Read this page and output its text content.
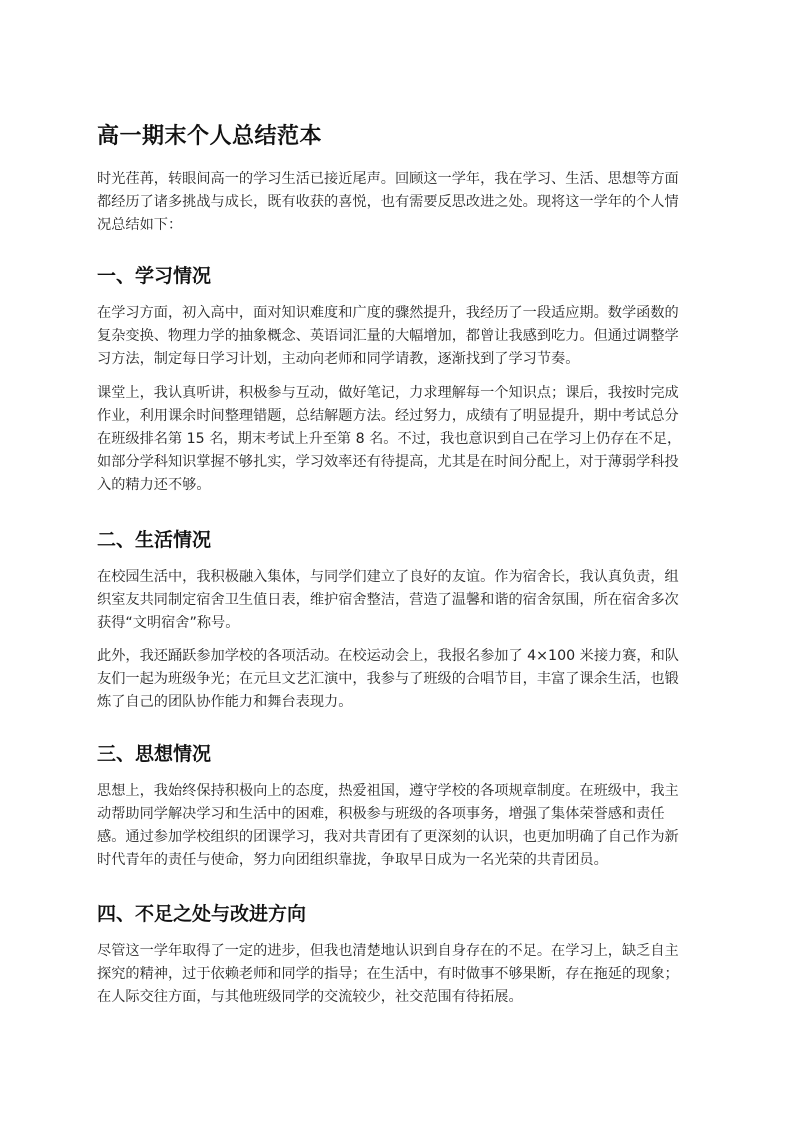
高一期末个人总结范本

时光荏苒，转眼间高一的学习生活已接近尾声。回顾这一学年，我在学习、生活、思想等方面
都经历了诸多挑战与成长，既有收获的喜悦，也有需要反思改进之处。现将这一学年的个人情
况总结如下：

一、学习情况

在学习方面，初入高中，面对知识难度和广度的骤然提升，我经历了一段适应期。数学函数的
复杂变换、物理力学的抽象概念、英语词汇量的大幅增加，都曾让我感到吃力。但通过调整学
习方法，制定每日学习计划，主动向老师和同学请教，逐渐找到了学习节奏。

课堂上，我认真听讲，积极参与互动，做好笔记，力求理解每一个知识点；课后，我按时完成
作业，利用课余时间整理错题，总结解题方法。经过努力，成绩有了明显提升，期中考试总分
在班级排名第 15 名，期末考试上升至第 8 名。不过，我也意识到自己在学习上仍存在不足，
如部分学科知识掌握不够扎实，学习效率还有待提高，尤其是在时间分配上，对于薄弱学科投
入的精力还不够。

二、生活情况

在校园生活中，我积极融入集体，与同学们建立了良好的友谊。作为宿舍长，我认真负责，组
织室友共同制定宿舍卫生值日表，维护宿舍整洁，营造了温馨和谐的宿舍氛围，所在宿舍多次
获得“文明宿舍”称号。

此外，我还踊跃参加学校的各项活动。在校运动会上，我报名参加了 4×100 米接力赛，和队
友们一起为班级争光；在元旦文艺汇演中，我参与了班级的合唱节目，丰富了课余生活，也锻
炼了自己的团队协作能力和舞台表现力。

三、思想情况

思想上，我始终保持积极向上的态度，热爱祖国，遵守学校的各项规章制度。在班级中，我主
动帮助同学解决学习和生活中的困难，积极参与班级的各项事务，增强了集体荣誉感和责任
感。通过参加学校组织的团课学习，我对共青团有了更深刻的认识，也更加明确了自己作为新
时代青年的责任与使命，努力向团组织靠拢，争取早日成为一名光荣的共青团员。

四、不足之处与改进方向

尽管这一学年取得了一定的进步，但我也清楚地认识到自身存在的不足。在学习上，缺乏自主
探究的精神，过于依赖老师和同学的指导；在生活中，有时做事不够果断，存在拖延的现象；
在人际交往方面，与其他班级同学的交流较少，社交范围有待拓展。
